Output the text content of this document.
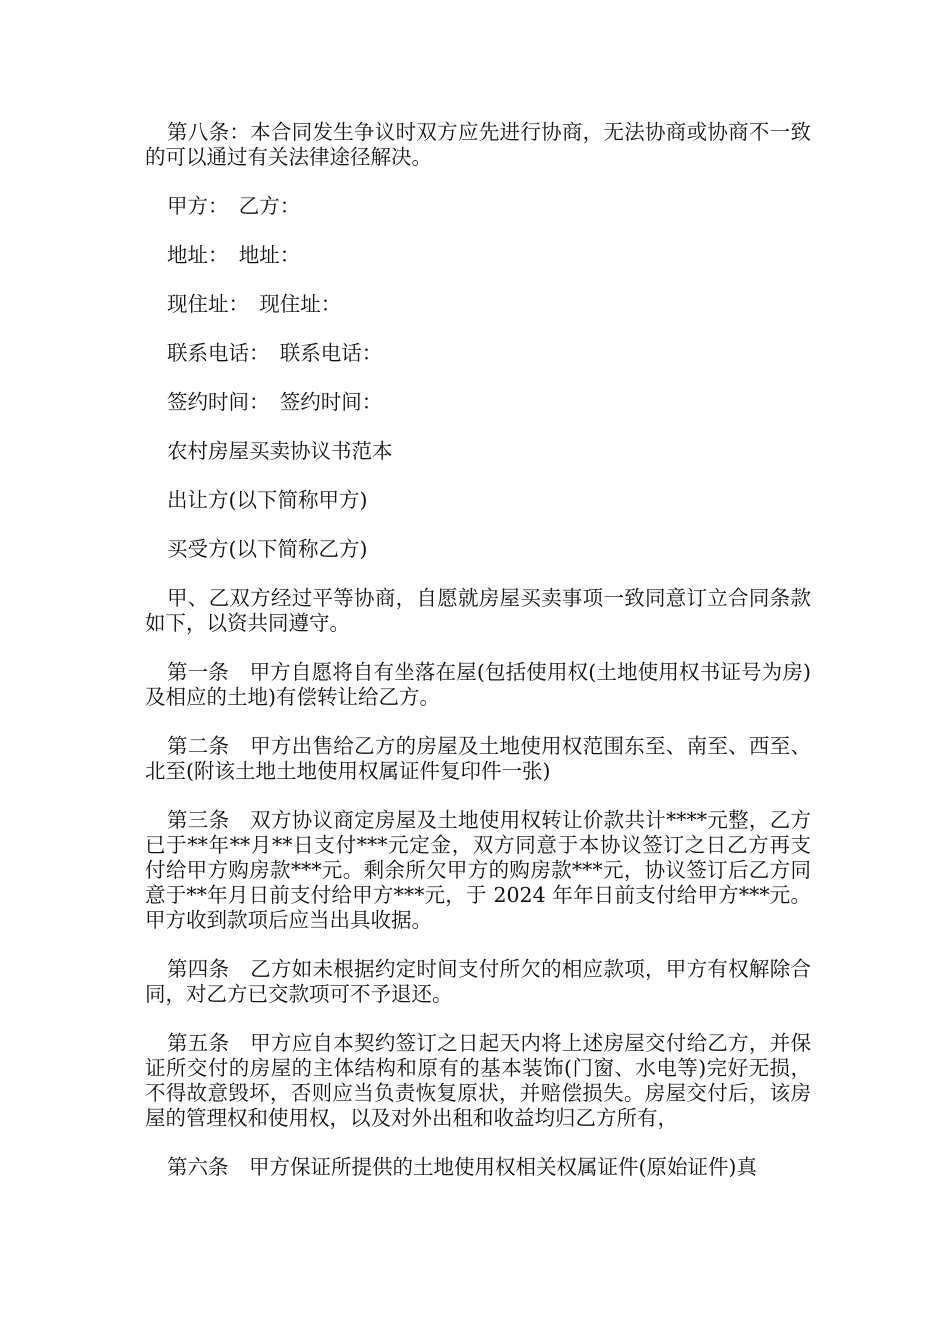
第八条：本合同发生争议时双方应先进行协商，无法协商或协商不一致的可以通过有关法律途径解决。

甲方：　乙方：

地址：　地址：

现住址：　现住址：

联系电话：　联系电话：

签约时间：　签约时间：

农村房屋买卖协议书范本

出让方(以下简称甲方)

买受方(以下简称乙方)

甲、乙双方经过平等协商，自愿就房屋买卖事项一致同意订立合同条款如下，以资共同遵守。

第一条　甲方自愿将自有坐落在屋(包括使用权(土地使用权书证号为房)及相应的土地)有偿转让给乙方。

第二条　甲方出售给乙方的房屋及土地使用权范围东至、南至、西至、北至(附该土地土地使用权属证件复印件一张)

第三条　双方协议商定房屋及土地使用权转让价款共计****元整，乙方已于**年**月**日支付***元定金，双方同意于本协议签订之日乙方再支付给甲方购房款***元。剩余所欠甲方的购房款***元，协议签订后乙方同意于**年月日前支付给甲方***元，于 2024 年年日前支付给甲方***元。甲方收到款项后应当出具收据。

第四条　乙方如未根据约定时间支付所欠的相应款项，甲方有权解除合同，对乙方已交款项可不予退还。

第五条　甲方应自本契约签订之日起天内将上述房屋交付给乙方，并保证所交付的房屋的主体结构和原有的基本装饰(门窗、水电等)完好无损，不得故意毁坏，否则应当负责恢复原状，并赔偿损失。房屋交付后，该房屋的管理权和使用权，以及对外出租和收益均归乙方所有，

第六条　甲方保证所提供的土地使用权相关权属证件(原始证件)真
